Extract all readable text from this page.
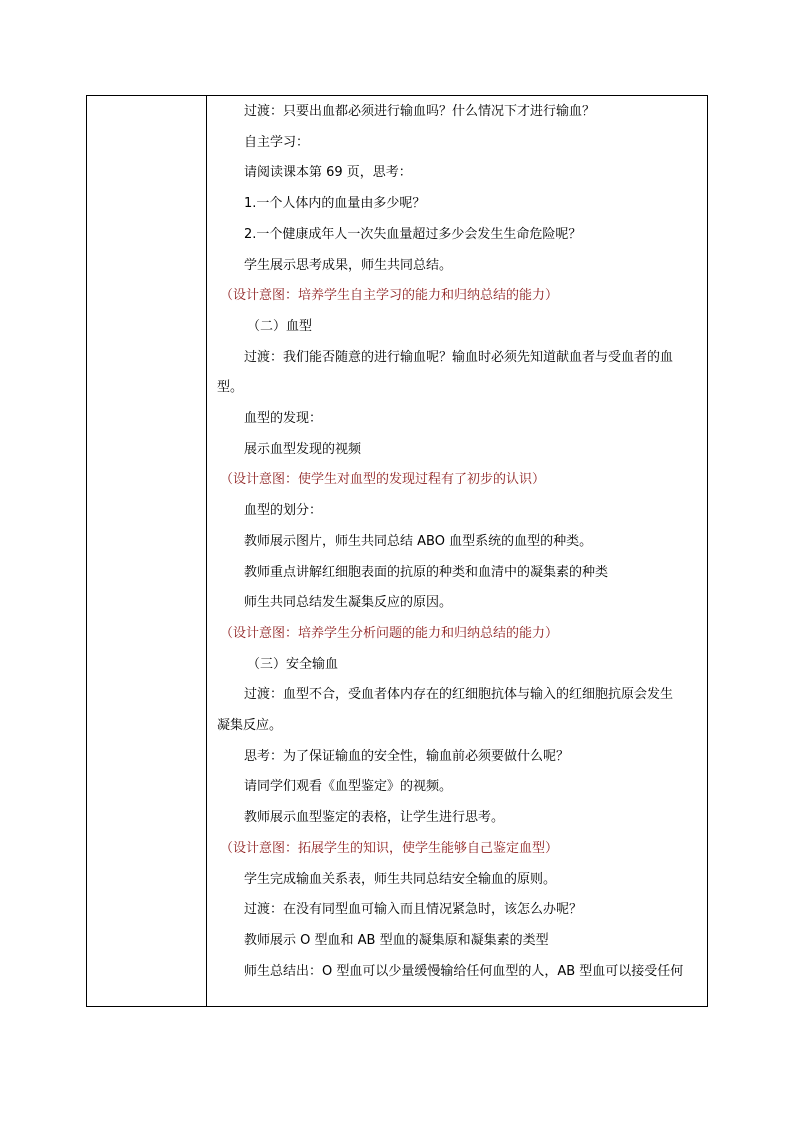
过渡：只要出血都必须进行输血吗？什么情况下才进行输血？
自主学习：
请阅读课本第 69 页，思考：
1.一个人体内的血量由多少呢？
2.一个健康成年人一次失血量超过多少会发生生命危险呢？
学生展示思考成果，师生共同总结。
（设计意图：培养学生自主学习的能力和归纳总结的能力）
（二）血型
过渡：我们能否随意的进行输血呢？输血时必须先知道献血者与受血者的血
型。
血型的发现：
展示血型发现的视频
（设计意图：使学生对血型的发现过程有了初步的认识）
血型的划分：
教师展示图片，师生共同总结 ABO 血型系统的血型的种类。
教师重点讲解红细胞表面的抗原的种类和血清中的凝集素的种类
师生共同总结发生凝集反应的原因。
（设计意图：培养学生分析问题的能力和归纳总结的能力）
（三）安全输血
过渡：血型不合，受血者体内存在的红细胞抗体与输入的红细胞抗原会发生
凝集反应。
思考：为了保证输血的安全性，输血前必须要做什么呢？
请同学们观看《血型鉴定》的视频。
教师展示血型鉴定的表格，让学生进行思考。
（设计意图：拓展学生的知识，使学生能够自己鉴定血型）
学生完成输血关系表，师生共同总结安全输血的原则。
过渡：在没有同型血可输入而且情况紧急时，该怎么办呢？
教师展示 O 型血和 AB 型血的凝集原和凝集素的类型
师生总结出：O 型血可以少量缓慢输给任何血型的人，AB 型血可以接受任何
